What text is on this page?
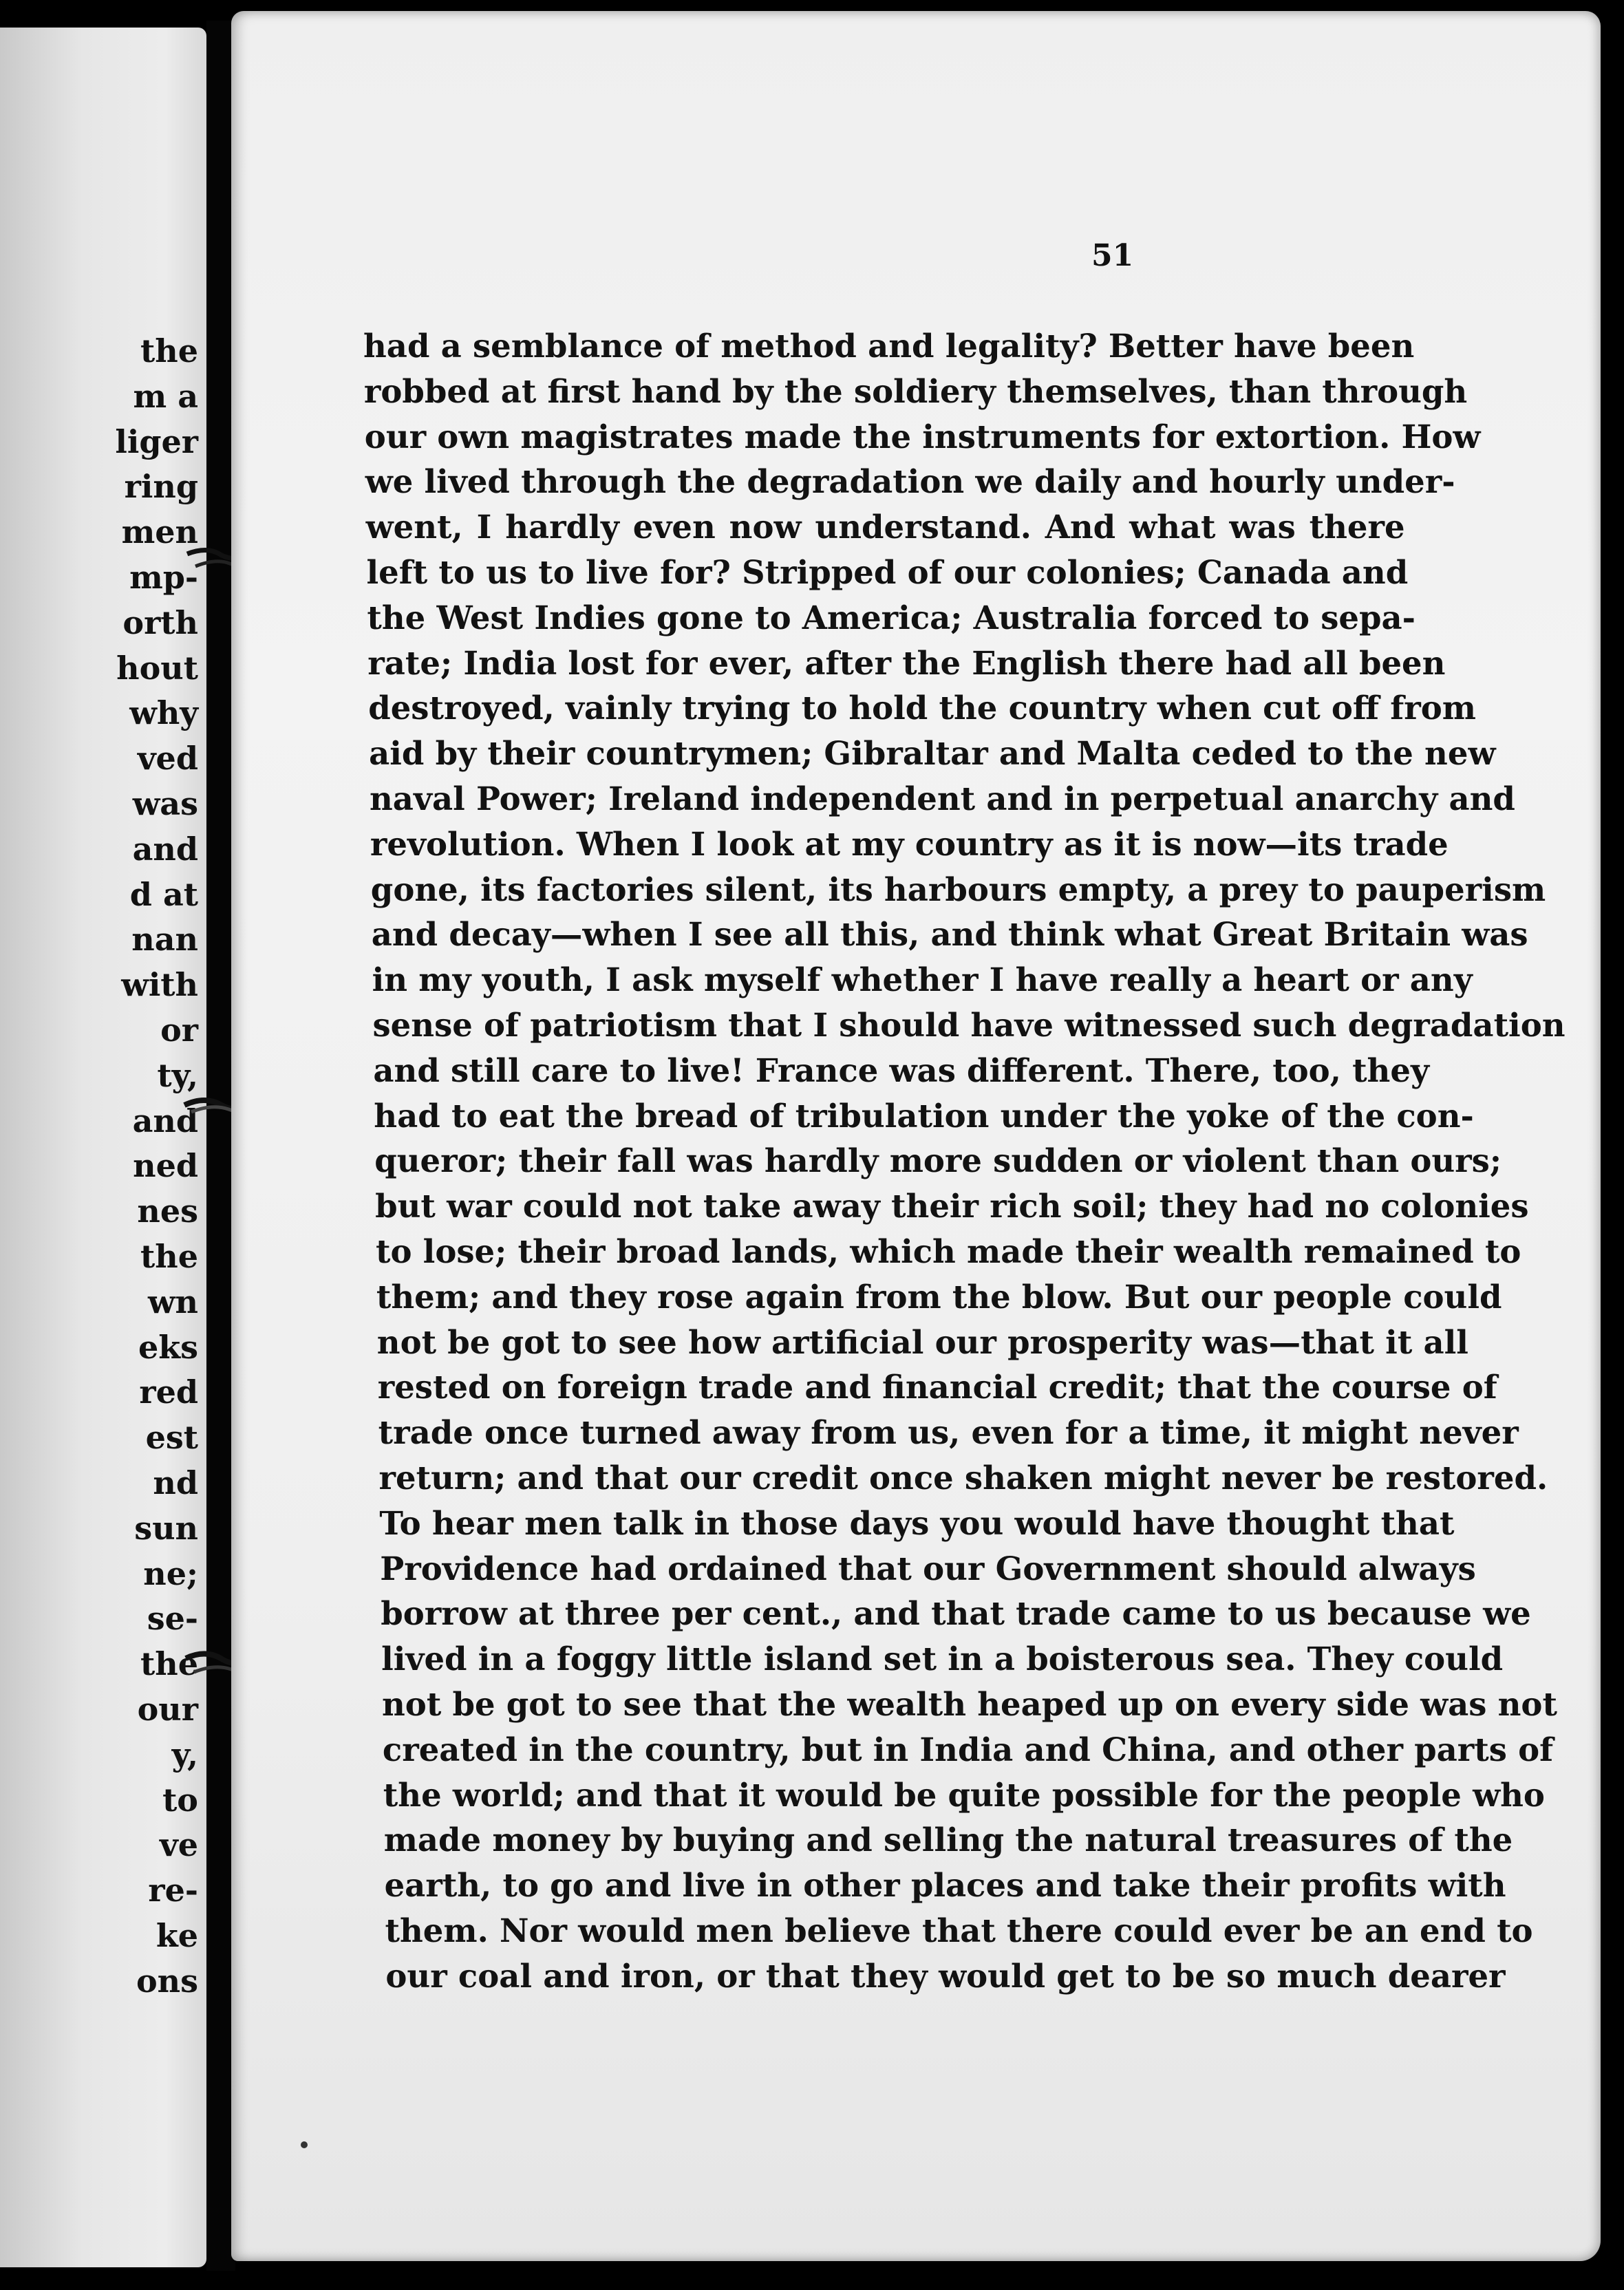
the
m a
liger
ring
men
mp-
orth
hout
why
ved
was
and
d at
nan
with
or
ty,
and
ned
nes
the
wn
eks
red
est
nd
sun
ne;
se-
the
our
y,
to
ve
re-
ke
ons
51
had a semblance of method and legality? Better have been
robbed at first hand by the soldiery themselves, than through
our own magistrates made the instruments for extortion. How
we lived through the degradation we daily and hourly under-
went, I hardly even now understand. And what was there
left to us to live for? Stripped of our colonies; Canada and
the West Indies gone to America; Australia forced to sepa-
rate; India lost for ever, after the English there had all been
destroyed, vainly trying to hold the country when cut off from
aid by their countrymen; Gibraltar and Malta ceded to the new
naval Power; Ireland independent and in perpetual anarchy and
revolution. When I look at my country as it is now—its trade
gone, its factories silent, its harbours empty, a prey to pauperism
and decay—when I see all this, and think what Great Britain was
in my youth, I ask myself whether I have really a heart or any
sense of patriotism that I should have witnessed such degradation
and still care to live! France was different. There, too, they
had to eat the bread of tribulation under the yoke of the con-
queror; their fall was hardly more sudden or violent than ours;
but war could not take away their rich soil; they had no colonies
to lose; their broad lands, which made their wealth remained to
them; and they rose again from the blow. But our people could
not be got to see how artificial our prosperity was—that it all
rested on foreign trade and financial credit; that the course of
trade once turned away from us, even for a time, it might never
return; and that our credit once shaken might never be restored.
To hear men talk in those days you would have thought that
Providence had ordained that our Government should always
borrow at three per cent., and that trade came to us because we
lived in a foggy little island set in a boisterous sea. They could
not be got to see that the wealth heaped up on every side was not
created in the country, but in India and China, and other parts of
the world; and that it would be quite possible for the people who
made money by buying and selling the natural treasures of the
earth, to go and live in other places and take their profits with
them. Nor would men believe that there could ever be an end to
our coal and iron, or that they would get to be so much dearer
